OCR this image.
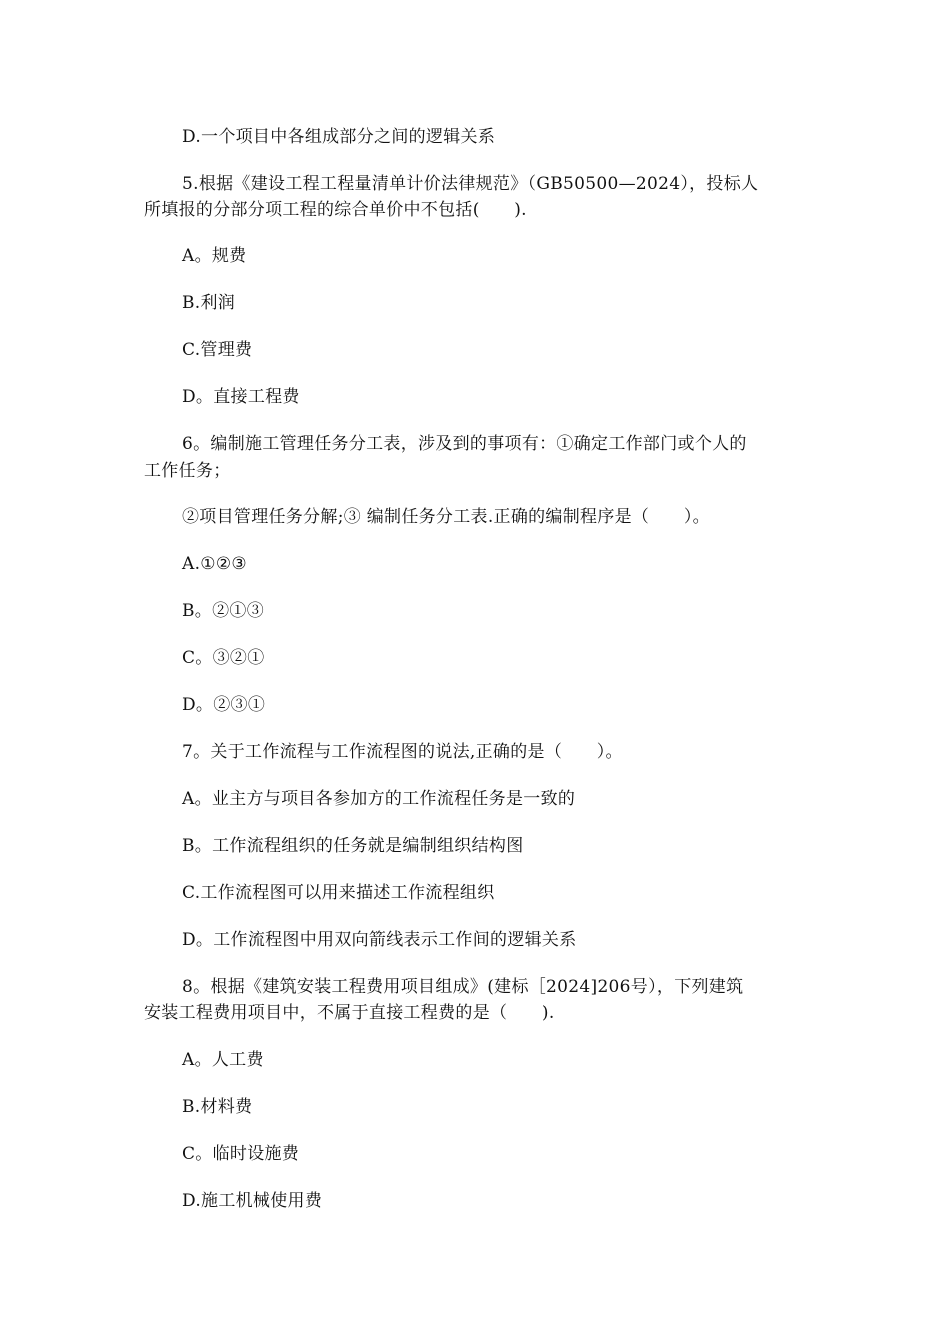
D.一个项目中各组成部分之间的逻辑关系
5.根据《建设工程工程量清单计价法律规范》（GB50500—2024），投标人
所填报的分部分项工程的综合单价中不包括(　　).
A。规费
B.利润
C.管理费
D。直接工程费
6。编制施工管理任务分工表，涉及到的事项有：①确定工作部门或个人的
工作任务；
②项目管理任务分解;③ 编制任务分工表.正确的编制程序是（　　）。
A.①②③
B。②①③
C。③②①
D。②③①
7。关于工作流程与工作流程图的说法,正确的是（　　）。
A。业主方与项目各参加方的工作流程任务是一致的
B。工作流程组织的任务就是编制组织结构图
C.工作流程图可以用来描述工作流程组织
D。工作流程图中用双向箭线表示工作间的逻辑关系
8。根据《建筑安装工程费用项目组成》(建标［2024]206号），下列建筑
安装工程费用项目中，不属于直接工程费的是（　　).
A。人工费
B.材料费
C。临时设施费
D.施工机械使用费
